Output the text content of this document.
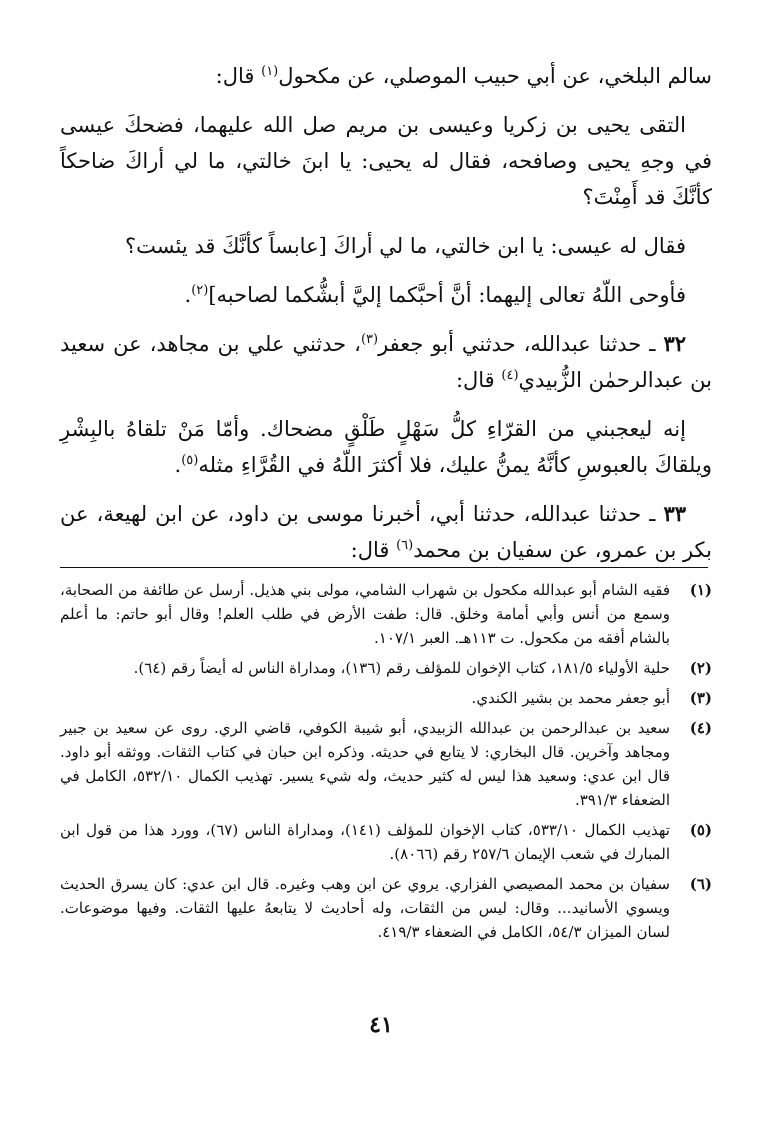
سالم البلخي، عن أبي حبيب الموصلي، عن مكحول$^{(١)}$ قال:

التقى يحيى بن زكريا وعيسى بن مريم صل الله عليهما، فضحكَ عيسى في وجهِ يحيى وصافحه، فقال له يحيى: يا ابنَ خالتي، ما لي أراكَ ضاحكاً كأنَّكَ قد أَمِنْتَ؟

فقال له عيسى: يا ابن خالتي، ما لي أراكَ [عابساً كأنَّكَ قد يئست؟

فأوحى اللّهُ تعالى إليهما: أنَّ أحبَّكما إليَّ أبشُّكما لصاحبه]$^{(٢)}$.

٣٢ ـ حدثنا عبدالله، حدثني أبو جعفر$^{(٣)}$، حدثني علي بن مجاهد، عن سعيد بن عبدالرحمٰن الزُّبيدي$^{(٤)}$ قال:

إنه ليعجبني من القرّاءِ كلُّ سَهْلٍ طَلْقٍ مضحاك. وأمّا مَنْ تلقاهُ بالبِشْرِ ويلقاكَ بالعبوسِ كأنَّهُ يمنُّ عليك، فلا أكثرَ اللّهُ في القُرَّاءِ مثله$^{(٥)}$.

٣٣ ـ حدثنا عبدالله، حدثنا أبي، أخبرنا موسى بن داود، عن ابن لهيعة، عن بكر بن عمرو، عن سفيان بن محمد$^{(٦)}$ قال:

(١)
فقيه الشام أبو عبدالله مكحول بن شهراب الشامي، مولى بني هذيل. أرسل عن طائفة من الصحابة، وسمع من أنس وأبي أمامة وخلق. قال: طفت الأرض في طلب العلم! وقال أبو حاتم: ما أعلم بالشام أفقه من مكحول. ت ١١٣هـ. العبر ١٠٧/١.
(٢)
حلية الأولياء ١٨١/٥، كتاب الإخوان للمؤلف رقم (١٣٦)، ومداراة الناس له أيضاً رقم (٦٤).
(٣)
أبو جعفر محمد بن بشير الكندي.
(٤)
سعيد بن عبدالرحمن بن عبدالله الزبيدي، أبو شيبة الكوفي، قاضي الري. روى عن سعيد بن جبير ومجاهد وآخرين. قال البخاري: لا يتابع في حديثه. وذكره ابن حبان في كتاب الثقات. ووثقه أبو داود. قال ابن عدي: وسعيد هذا ليس له كثير حديث، وله شيء يسير. تهذيب الكمال ٥٣٢/١٠، الكامل في الضعفاء ٣٩١/٣.
(٥)
تهذيب الكمال ٥٣٣/١٠، كتاب الإخوان للمؤلف (١٤١)، ومداراة الناس (٦٧)، وورد هذا من قول ابن المبارك في شعب الإيمان ٢٥٧/٦ رقم (٨٠٦٦).
(٦)
سفيان بن محمد المصيصي الفزاري. يروي عن ابن وهب وغيره. قال ابن عدي: كان يسرق الحديث ويسوي الأسانيد... وقال: ليس من الثقات، وله أحاديث لا يتابعهُ عليها الثقات. وفيها موضوعات. لسان الميزان ٥٤/٣، الكامل في الضعفاء ٤١٩/٣.
٤١
